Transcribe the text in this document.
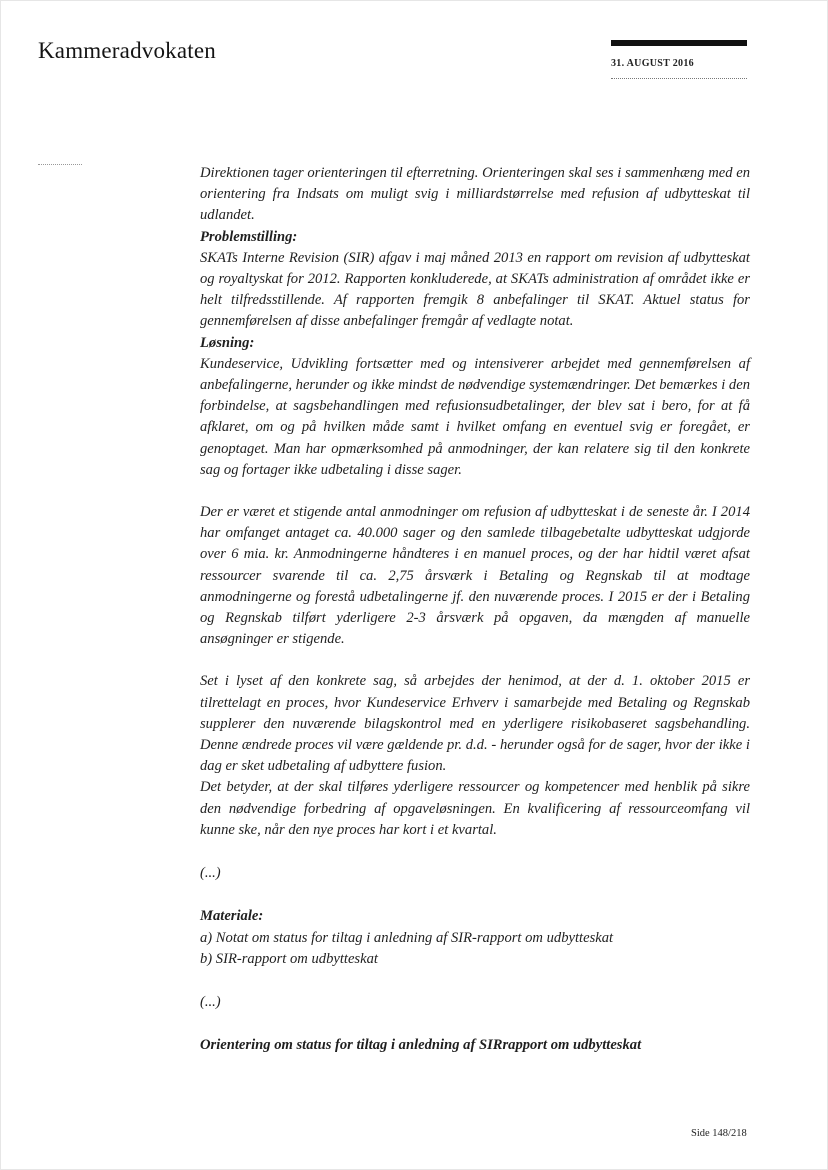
Kammeradvokaten
31. AUGUST 2016

Direktionen tager orienteringen til efterretning. Orienteringen skal ses i sammenhæng med en orientering fra Indsats om muligt svig i milliardstørrelse med refusion af udbytteskat til udlandet.

Problemstilling:

SKATs Interne Revision (SIR) afgav i maj måned 2013 en rapport om revision af udbytteskat og royaltyskat for 2012. Rapporten konkluderede, at SKATs administration af området ikke er helt tilfredsstillende. Af rapporten fremgik 8 anbefalinger til SKAT. Aktuel status for gennemførelsen af disse anbefalinger fremgår af vedlagte notat.

Løsning:

Kundeservice, Udvikling fortsætter med og intensiverer arbejdet med gennemførelsen af anbefalingerne, herunder og ikke mindst de nødvendige systemændringer. Det bemærkes i den forbindelse, at sagsbehandlingen med refusionsudbetalinger, der blev sat i bero, for at få afklaret, om og på hvilken måde samt i hvilket omfang en eventuel svig er foregået, er genoptaget. Man har opmærksomhed på anmodninger, der kan relatere sig til den konkrete sag og fortager ikke udbetaling i disse sager.

Der er været et stigende antal anmodninger om refusion af udbytteskat i de seneste år. I 2014 har omfanget antaget ca. 40.000 sager og den samlede tilbagebetalte udbytteskat udgjorde over 6 mia. kr. Anmodningerne håndteres i en manuel proces, og der har hidtil været afsat ressourcer svarende til ca. 2,75 årsværk i Betaling og Regnskab til at modtage anmodningerne og forestå udbetalingerne jf. den nuværende proces. I 2015 er der i Betaling og Regnskab tilført yderligere 2-3 årsværk på opgaven, da mængden af manuelle ansøgninger er stigende.

Set i lyset af den konkrete sag, så arbejdes der henimod, at der d. 1. oktober 2015 er tilrettelagt en proces, hvor Kundeservice Erhverv i samarbejde med Betaling og Regnskab supplerer den nuværende bilagskontrol med en yderligere risikobaseret sagsbehandling. Denne ændrede proces vil være gældende pr. d.d. - herunder også for de sager, hvor der ikke i dag er sket udbetaling af udbyttere fusion.

Det betyder, at der skal tilføres yderligere ressourcer og kompetencer med henblik på sikre den nødvendige forbedring af opgaveløsningen. En kvalificering af ressourceomfang vil kunne ske, når den nye proces har kort i et kvartal.

(...)

Materiale:

a) Notat om status for tiltag i anledning af SIR-rapport om udbytteskat

b) SIR-rapport om udbytteskat

(...)

Orientering om status for tiltag i anledning af SIRrapport om udbytteskat

Side 148/218
